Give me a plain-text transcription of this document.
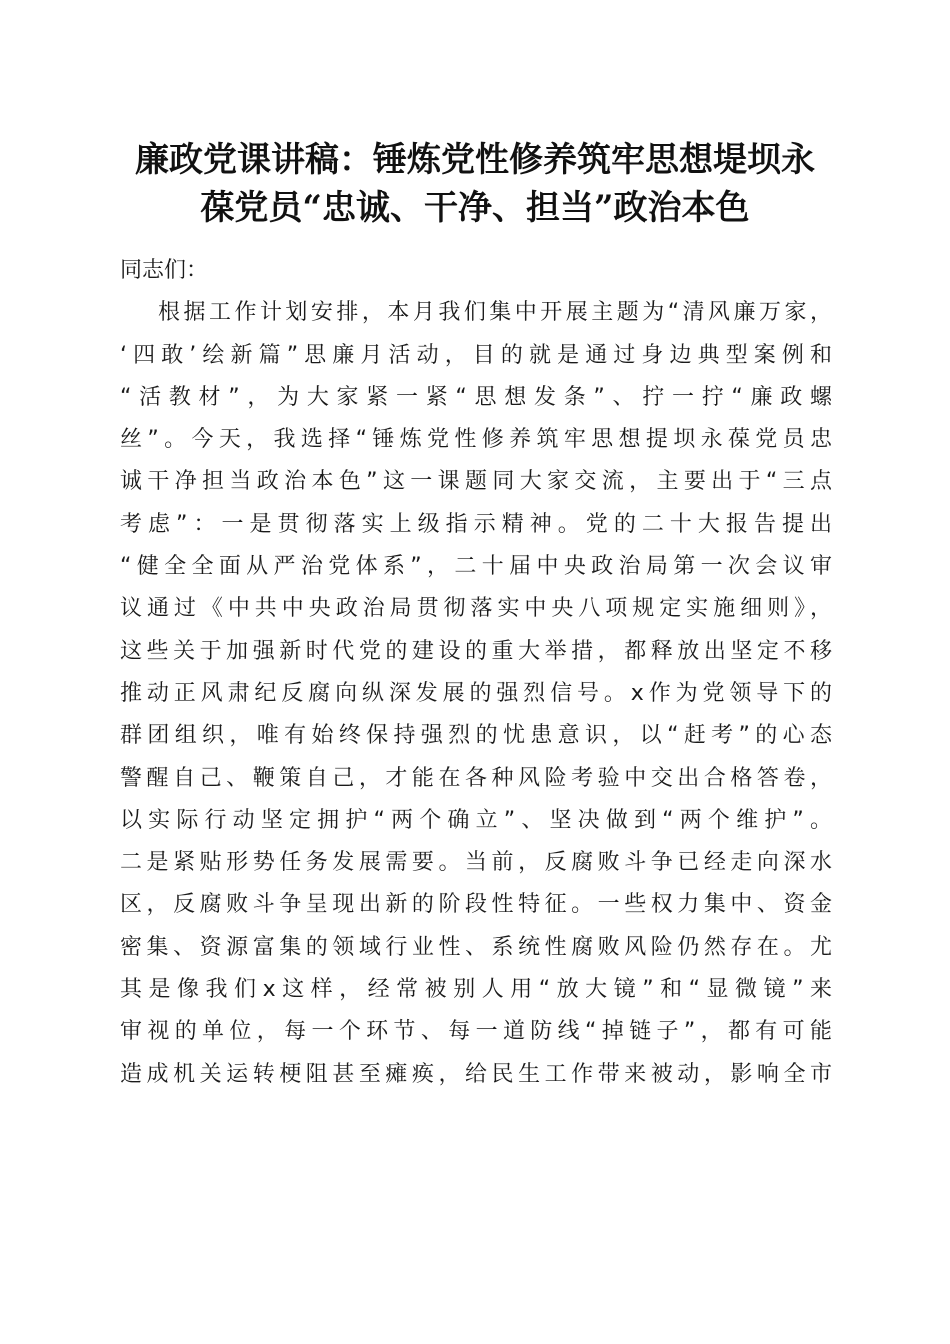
廉政党课讲稿：锤炼党性修养筑牢思想堤坝永
葆党员“忠诚、干净、担当”政治本色

同志们：

根据工作计划安排，本月我们集中开展主题为“清风廉万家，
‘四敢’绘新篇”思廉月活动，目的就是通过身边典型案例和
“活教材”，为大家紧一紧“思想发条”、拧一拧“廉政螺
丝”。今天，我选择“锤炼党性修养筑牢思想提坝永葆党员忠
诚干净担当政治本色”这一课题同大家交流，主要出于“三点
考虑”：一是贯彻落实上级指示精神。党的二十大报告提出
“健全全面从严治党体系”，二十届中央政治局第一次会议审
议通过《中共中央政治局贯彻落实中央八项规定实施细则》，
这些关于加强新时代党的建设的重大举措，都释放出坚定不移
推动正风肃纪反腐向纵深发展的强烈信号。x作为党领导下的
群团组织，唯有始终保持强烈的忧患意识，以“赶考”的心态
警醒自己、鞭策自己，才能在各种风险考验中交出合格答卷，
以实际行动坚定拥护“两个确立”、坚决做到“两个维护”。
二是紧贴形势任务发展需要。当前，反腐败斗争已经走向深水
区，反腐败斗争呈现出新的阶段性特征。一些权力集中、资金
密集、资源富集的领域行业性、系统性腐败风险仍然存在。尤
其是像我们x这样，经常被别人用“放大镜”和“显微镜”来
审视的单位，每一个环节、每一道防线“掉链子”，都有可能
造成机关运转梗阻甚至瘫痪，给民生工作带来被动，影响全市
